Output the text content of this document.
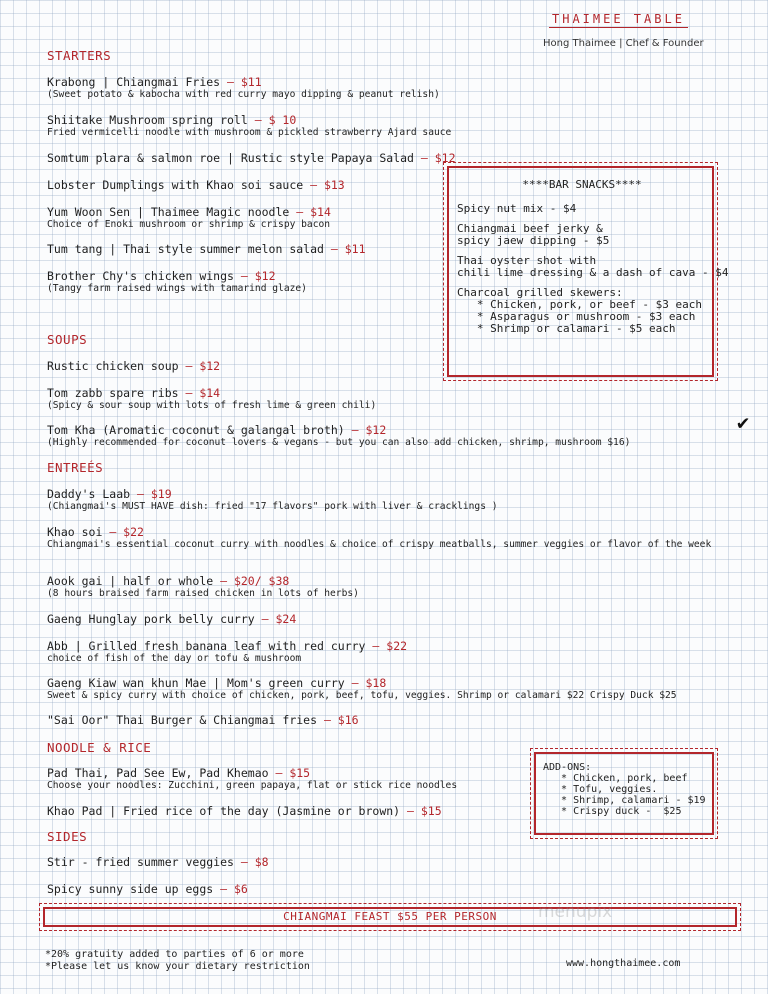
THAIMEE TABLE
Hong Thaimee | Chef & Founder
STARTERS
Krabong | Chiangmai Fries — $11
(Sweet potato & kabocha with red curry mayo dipping & peanut relish)
Shiitake Mushroom spring roll — $ 10
Fried vermicelli noodle with mushroom & pickled strawberry Ajard sauce
Somtum plara & salmon roe | Rustic style Papaya Salad — $12
Lobster Dumplings with Khao soi sauce — $13
Yum Woon Sen | Thaimee Magic noodle — $14
Choice of Enoki mushroom or shrimp & crispy bacon
Tum tang | Thai style summer melon salad — $11
Brother Chy's chicken wings — $12
(Tangy farm raised wings with tamarind glaze)
****BAR SNACKS****
Spicy nut mix - $4
Chiangmai beef jerky &
spicy jaew dipping - $5
Thai oyster shot with
chili lime dressing & a dash of cava - $4
Charcoal grilled skewers:
* Chicken, pork, or beef - $3 each
* Asparagus or mushroom - $3 each
* Shrimp or calamari - $5 each
SOUPS
Rustic chicken soup — $12
Tom zabb spare ribs — $14
(Spicy & sour soup with lots of fresh lime & green chili)
Tom Kha (Aromatic coconut & galangal broth) — $12
(Highly recommended for coconut lovers & vegans - but you can also add chicken, shrimp, mushroom $16)
✔
ENTREÉS
Daddy's Laab — $19
(Chiangmai's MUST HAVE dish: fried "17 flavors" pork with liver & cracklings )
Khao soi — $22
Chiangmai's essential coconut curry with noodles & choice of crispy meatballs, summer veggies or flavor of the week
Aook gai | half or whole — $20/ $38
(8 hours braised farm raised chicken in lots of herbs)
Gaeng Hunglay pork belly curry — $24
Abb | Grilled fresh banana leaf with red curry — $22
choice of fish of the day or tofu & mushroom
Gaeng Kiaw wan khun Mae | Mom's green curry — $18
Sweet & spicy curry with choice of chicken, pork, beef, tofu, veggies. Shrimp or calamari $22 Crispy Duck $25
"Sai Oor" Thai Burger & Chiangmai fries — $16
NOODLE & RICE
Pad Thai, Pad See Ew, Pad Khemao — $15
Choose your noodles: Zucchini, green papaya, flat or stick rice noodles
Khao Pad | Fried rice of the day (Jasmine or brown) — $15
ADD-ONS:
* Chicken, pork, beef
* Tofu, veggies.
* Shrimp, calamari - $19
* Crispy duck -  $25
SIDES
Stir - fried summer veggies — $8
Spicy sunny side up eggs — $6
CHIANGMAI FEAST $55 PER PERSON	menupix
*20% gratuity added to parties of 6 or more
*Please let us know your dietary restriction	www.hongthaimee.com
